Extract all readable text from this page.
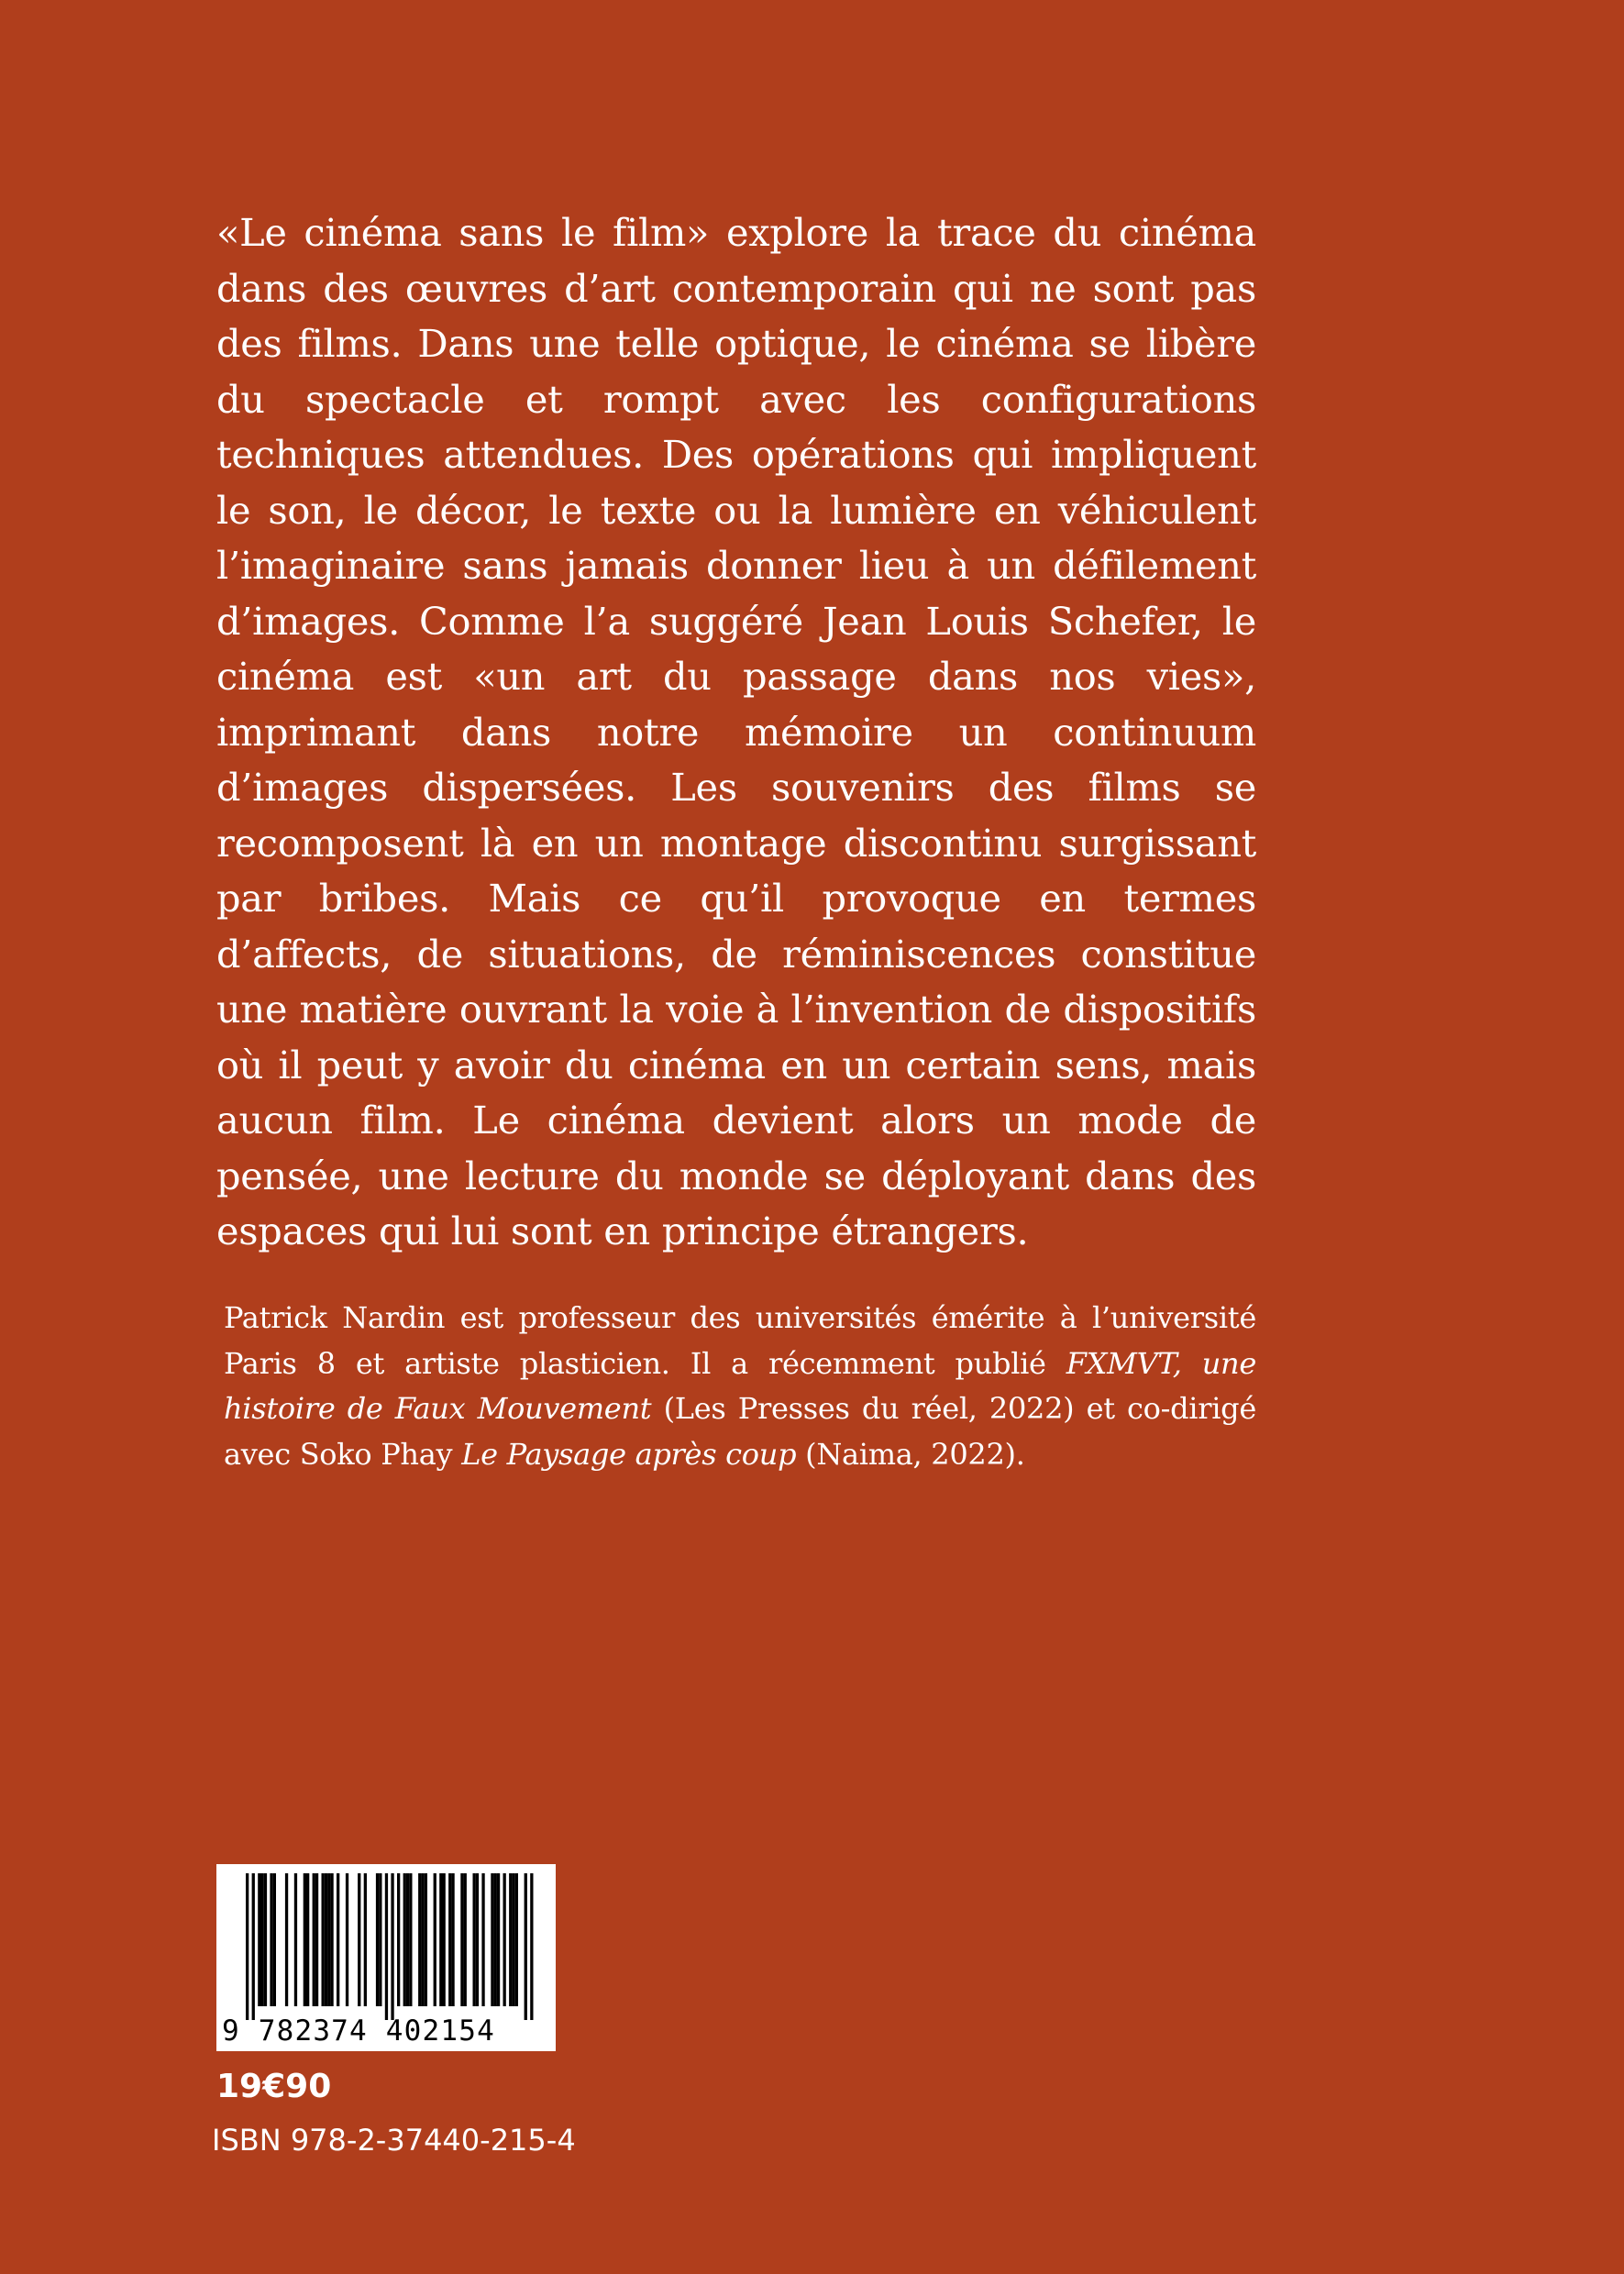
«Le cinéma sans le film» explore la trace du cinéma dans des œuvres d’art contemporain qui ne sont pas des films. Dans une telle optique, le cinéma se libère du spectacle et rompt avec les configurations techniques attendues. Des opérations qui impliquent le son, le décor, le texte ou la lumière en véhiculent l’imaginaire sans jamais donner lieu à un défilement d’images. Comme l’a suggéré Jean Louis Schefer, le cinéma est «un art du passage dans nos vies», imprimant dans notre mémoire un continuum d’images dispersées. Les souvenirs des films se recomposent là en un montage discontinu surgissant par bribes. Mais ce qu’il provoque en termes d’affects, de situations, de réminiscences constitue une matière ouvrant la voie à l’invention de dispositifs où il peut y avoir du cinéma en un certain sens, mais aucun film. Le cinéma devient alors un mode de pensée, une lecture du monde se déployant dans des espaces qui lui sont en principe étrangers.

Patrick Nardin est professeur des universités émérite à l’université Paris 8 et artiste plasticien. Il a récemment publié FXMVT, une histoire de Faux Mouvement (Les Presses du réel, 2022) et co-dirigé avec Soko Phay Le Paysage après coup (Naima, 2022).

9 782374 402154

19€90

ISBN 978-2-37440-215-4
